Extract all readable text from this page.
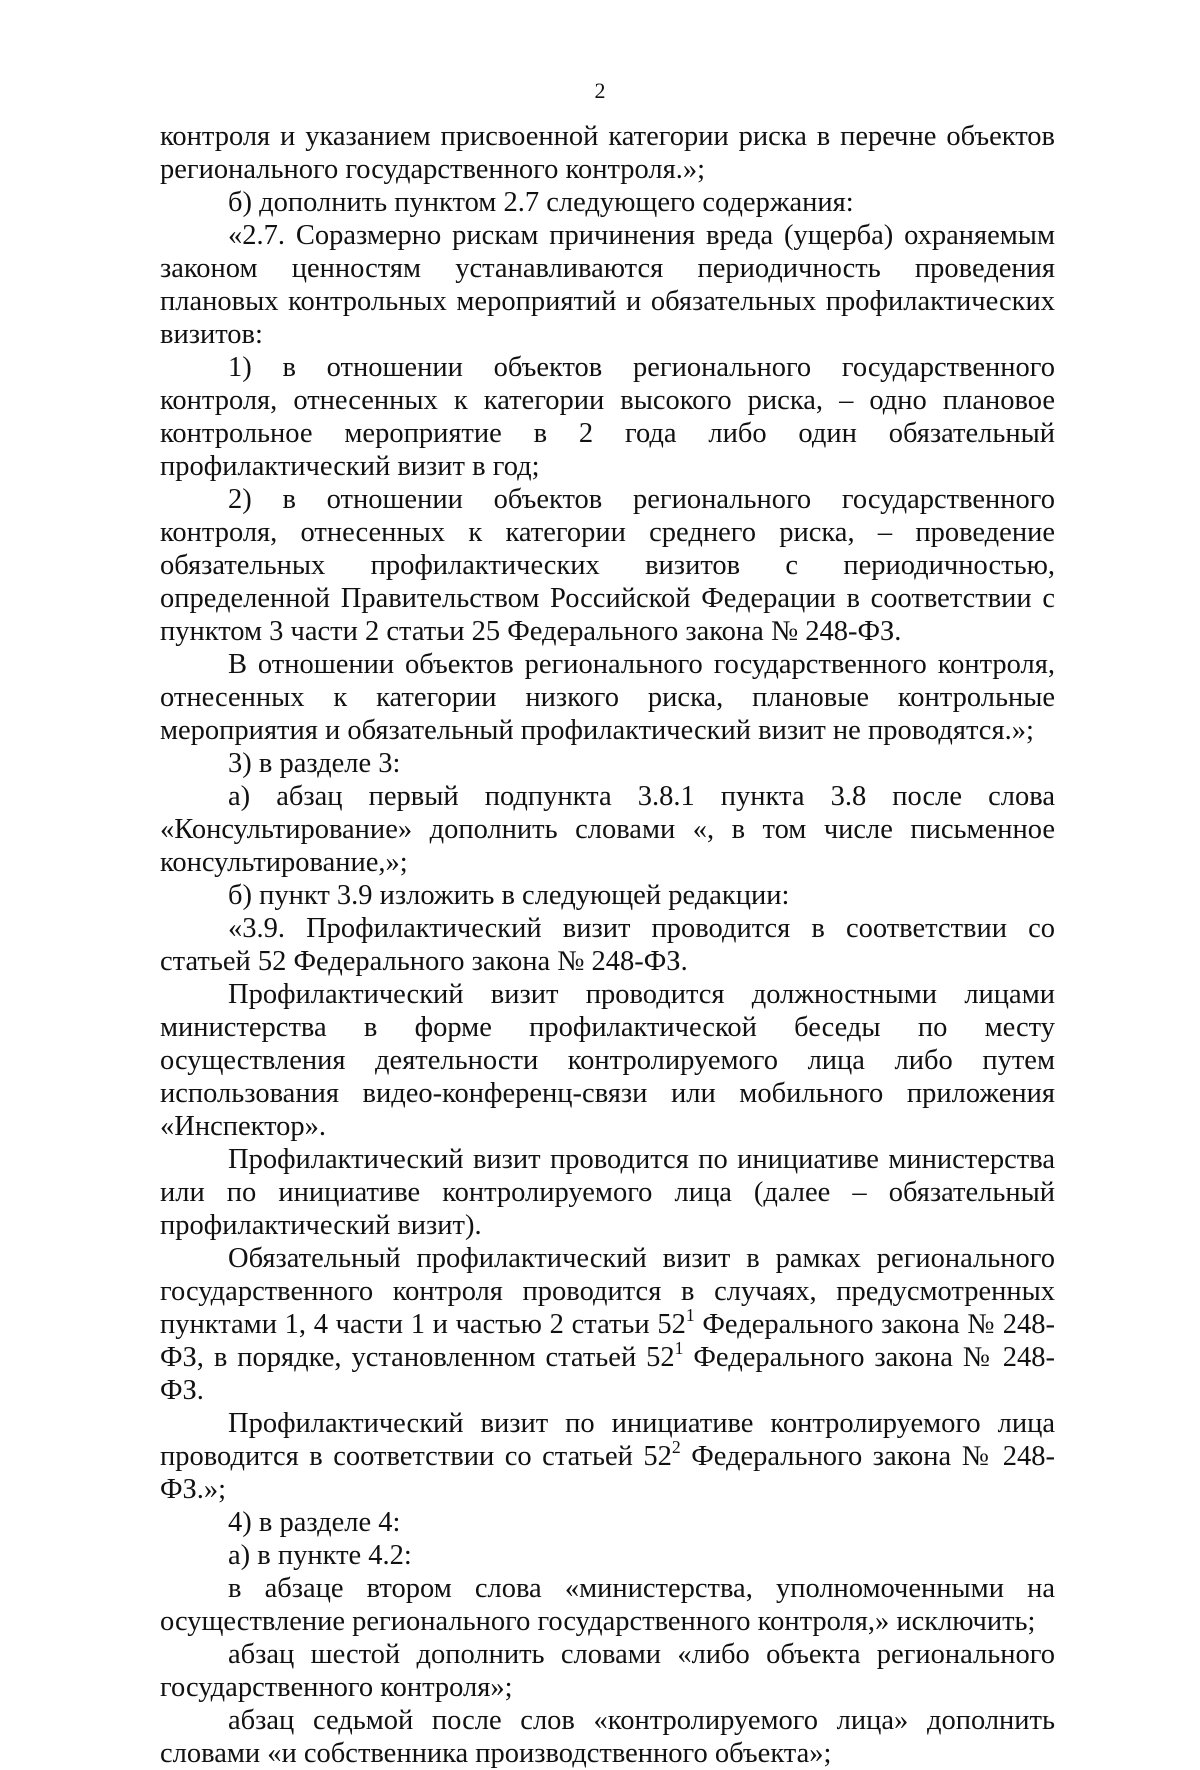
2

контроля и указанием присвоенной категории риска в перечне объектов регионального государственного контроля.»;

б) дополнить пунктом 2.7 следующего содержания:

«2.7. Соразмерно рискам причинения вреда (ущерба) охраняемым законом ценностям устанавливаются периодичность проведения плановых контрольных мероприятий и обязательных профилактических визитов:

1) в отношении объектов регионального государственного контроля, отнесенных к категории высокого риска, – одно плановое контрольное мероприятие в 2 года либо один обязательный профилактический визит в год;

2) в отношении объектов регионального государственного контроля, отнесенных к категории среднего риска, – проведение обязательных профилактических визитов с периодичностью, определенной Правительством Российской Федерации в соответствии с пунктом 3 части 2 статьи 25 Федерального закона № 248-ФЗ.

В отношении объектов регионального государственного контроля, отнесенных к категории низкого риска, плановые контрольные мероприятия и обязательный профилактический визит не проводятся.»;

3) в разделе 3:

а) абзац первый подпункта 3.8.1 пункта 3.8 после слова «Консультирование» дополнить словами «, в том числе письменное консультирование,»;

б) пункт 3.9 изложить в следующей редакции:

«3.9. Профилактический визит проводится в соответствии со статьей 52 Федерального закона № 248-ФЗ.

Профилактический визит проводится должностными лицами министерства в форме профилактической беседы по месту осуществления деятельности контролируемого лица либо путем использования видео-конференц-связи или мобильного приложения «Инспектор».

Профилактический визит проводится по инициативе министерства или по инициативе контролируемого лица (далее – обязательный профилактический визит).

Обязательный профилактический визит в рамках регионального государственного контроля проводится в случаях, предусмотренных пунктами 1, 4 части 1 и частью 2 статьи $52^1$ Федерального закона № 248-ФЗ, в порядке, установленном статьей $52^1$ Федерального закона № 248-ФЗ.

Профилактический визит по инициативе контролируемого лица проводится в соответствии со статьей $52^2$ Федерального закона № 248-ФЗ.»;

4) в разделе 4:

а) в пункте 4.2:

в абзаце втором слова «министерства, уполномоченными на осуществление регионального государственного контроля,» исключить;

абзац шестой дополнить словами «либо объекта регионального государственного контроля»;

абзац седьмой после слов «контролируемого лица» дополнить словами «и собственника производственного объекта»;
